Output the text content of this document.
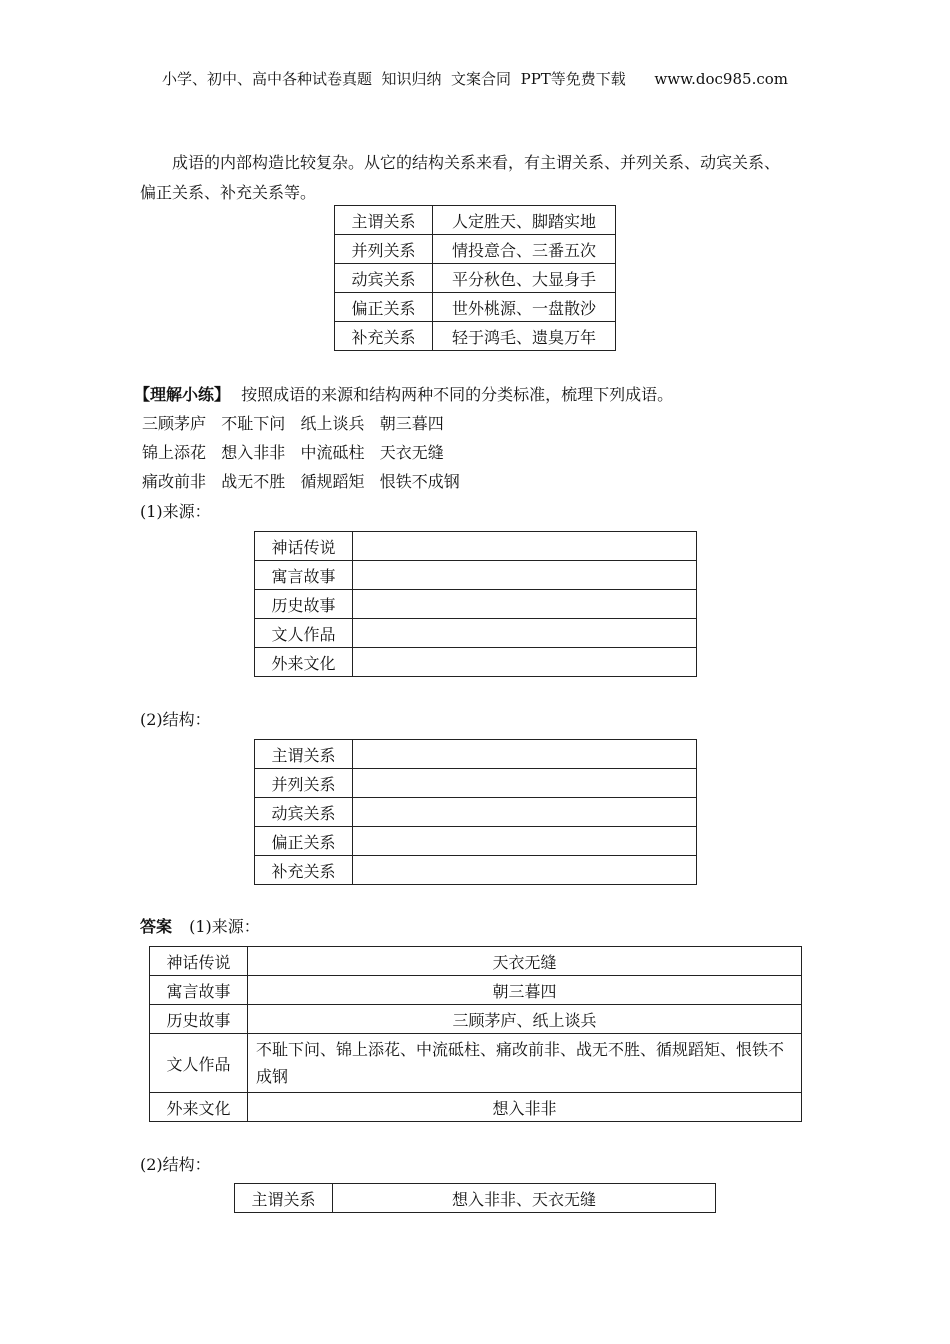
小学、初中、高中各种试卷真题  知识归纳  文案合同  PPT等免费下载      www.doc985.com
成语的内部构造比较复杂。从它的结构关系来看，有主谓关系、并列关系、动宾关系、
偏正关系、补充关系等。
主谓关系	人定胜天、脚踏实地
并列关系	情投意合、三番五次
动宾关系	平分秋色、大显身手
偏正关系	世外桃源、一盘散沙
补充关系	轻于鸿毛、遗臭万年
【理解小练】 按照成语的来源和结构两种不同的分类标准，梳理下列成语。
三顾茅庐   不耻下问   纸上谈兵   朝三暮四
锦上添花   想入非非   中流砥柱   天衣无缝
痛改前非   战无不胜   循规蹈矩   恨铁不成钢
(1)来源：
神话传说	
寓言故事	
历史故事	
文人作品	
外来文化	
(2)结构：
主谓关系	
并列关系	
动宾关系	
偏正关系	
补充关系	
答案 (1)来源：
神话传说	天衣无缝
寓言故事	朝三暮四
历史故事	三顾茅庐、纸上谈兵
文人作品	不耻下问、锦上添花、中流砥柱、痛改前非、战无不胜、循规蹈矩、恨铁不成钢
外来文化	想入非非
(2)结构：
主谓关系	想入非非、天衣无缝
